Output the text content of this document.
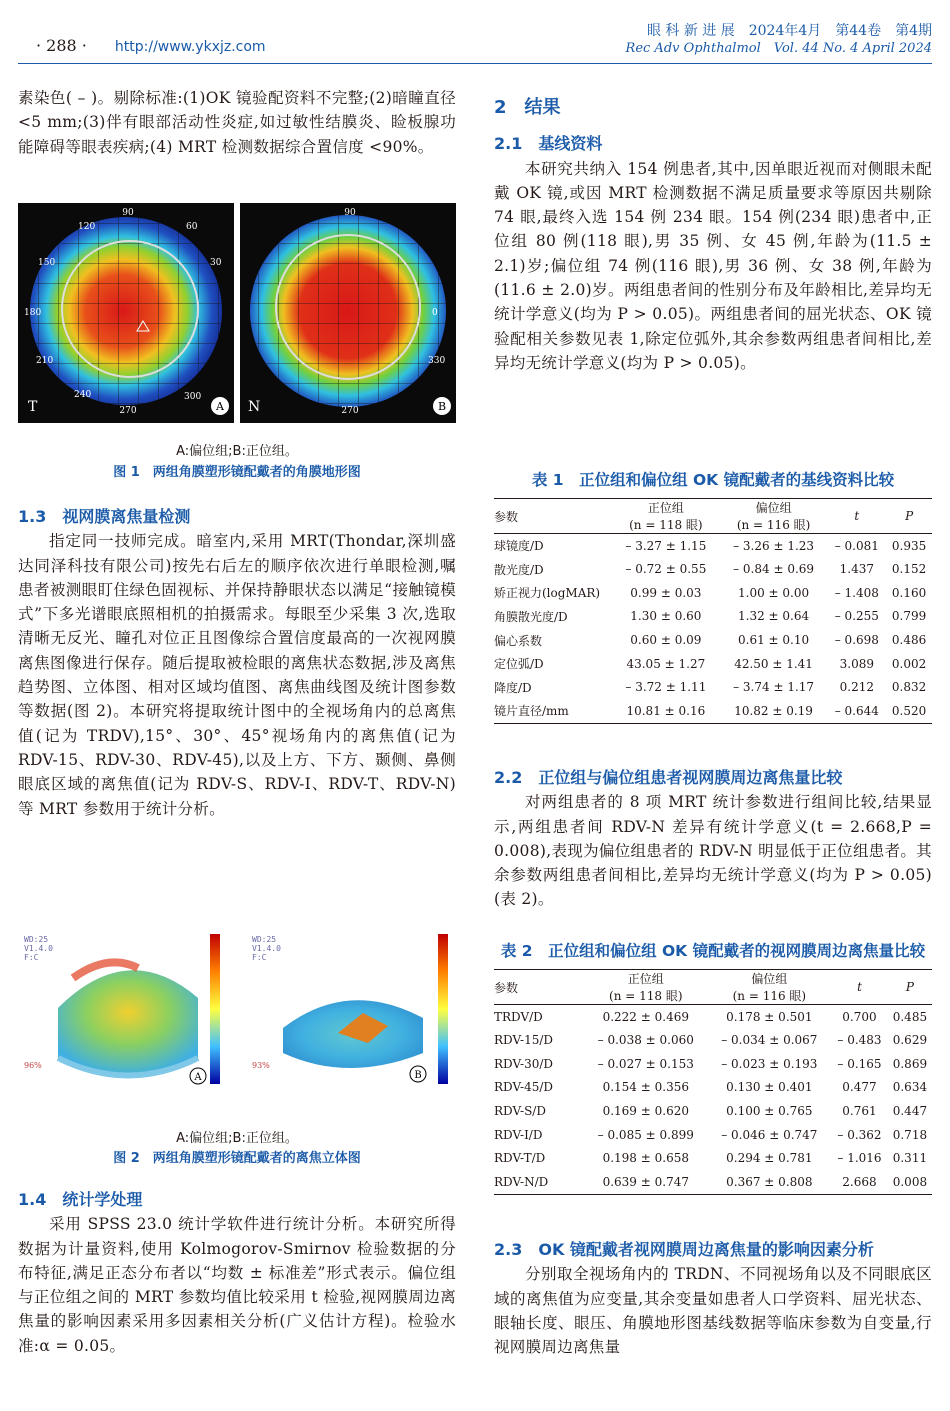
· 288 · http://www.ykxjz.com
眼 科 新 进 展　2024年4月　第44卷　第4期
Rec Adv Ophthalmol　Vol. 44 No. 4 April 2024

素染色( – )。剔除标准:(1)OK 镜验配资料不完整;(2)暗瞳直径 <5 mm;(3)伴有眼部活动性炎症,如过敏性结膜炎、睑板腺功能障碍等眼表疾病;(4) MRT 检测数据综合置信度 <90%。

90
60
30
120
150
180
210
240
270
300
90
0
330
270
T	N
A	B
A:偏位组;B:正位组。
图 1　两组角膜塑形镜配戴者的角膜地形图
1.3　视网膜离焦量检测

指定同一技师完成。暗室内,采用 MRT(Thondar,深圳盛达同泽科技有限公司)按先右后左的顺序依次进行单眼检测,嘱患者被测眼盯住绿色固视标、并保持静眼状态以满足“接触镜模式”下多光谱眼底照相机的拍摄需求。每眼至少采集 3 次,选取清晰无反光、瞳孔对位正且图像综合置信度最高的一次视网膜离焦图像进行保存。随后提取被检眼的离焦状态数据,涉及离焦趋势图、立体图、相对区域均值图、离焦曲线图及统计图参数等数据(图 2)。本研究将提取统计图中的全视场角内的总离焦值(记为 TRDV),15°、30°、45°视场角内的离焦值(记为 RDV-15、RDV-30、RDV-45),以及上方、下方、颞侧、鼻侧眼底区域的离焦值(记为 RDV-S、RDV-I、RDV-T、RDV-N)等 MRT 参数用于统计分析。

WD:25
V1.4.0
F:C
96%
A
WD:25
V1.4.0
F:C
93%
B
A:偏位组;B:正位组。
图 2　两组角膜塑形镜配戴者的离焦立体图
1.4　统计学处理

采用 SPSS 23.0 统计学软件进行统计分析。本研究所得数据为计量资料,使用 Kolmogorov-Smirnov 检验数据的分布特征,满足正态分布者以“均数 ± 标准差”形式表示。偏位组与正位组之间的 MRT 参数均值比较采用 t 检验,视网膜周边离焦量的影响因素采用多因素相关分析(广义估计方程)。检验水准:α = 0.05。

2　结果
2.1　基线资料

本研究共纳入 154 例患者,其中,因单眼近视而对侧眼未配戴 OK 镜,或因 MRT 检测数据不满足质量要求等原因共剔除 74 眼,最终入选 154 例 234 眼。154 例(234 眼)患者中,正位组 80 例(118 眼),男 35 例、女 45 例,年龄为(11.5 ± 2.1)岁;偏位组 74 例(116 眼),男 36 例、女 38 例,年龄为(11.6 ± 2.0)岁。两组患者间的性别分布及年龄相比,差异均无统计学意义(均为 P > 0.05)。两组患者间的屈光状态、OK 镜验配相关参数见表 1,除定位弧外,其余参数两组患者间相比,差异均无统计学意义(均为 P > 0.05)。

表 1　正位组和偏位组 OK 镜配戴者的基线资料比较
参数	正位组	偏位组	t	P
	(n = 118 眼)	(n = 116 眼)		
球镜度/D	– 3.27 ± 1.15	– 3.26 ± 1.23	– 0.081	0.935
散光度/D	– 0.72 ± 0.55	– 0.84 ± 0.69	1.437	0.152
矫正视力(logMAR)	0.99 ± 0.03	1.00 ± 0.00	– 1.408	0.160
角膜散光度/D	1.30 ± 0.60	1.32 ± 0.64	– 0.255	0.799
偏心系数	0.60 ± 0.09	0.61 ± 0.10	– 0.698	0.486
定位弧/D	43.05 ± 1.27	42.50 ± 1.41	3.089	0.002
降度/D	– 3.72 ± 1.11	– 3.74 ± 1.17	0.212	0.832
镜片直径/mm	10.81 ± 0.16	10.82 ± 0.19	– 0.644	0.520
2.2　正位组与偏位组患者视网膜周边离焦量比较

对两组患者的 8 项 MRT 统计参数进行组间比较,结果显示,两组患者间 RDV-N 差异有统计学意义(t = 2.668,P = 0.008),表现为偏位组患者的 RDV-N 明显低于正位组患者。其余参数两组患者间相比,差异均无统计学意义(均为 P > 0.05)(表 2)。

表 2　正位组和偏位组 OK 镜配戴者的视网膜周边离焦量比较
参数	正位组	偏位组	t	P
	(n = 118 眼)	(n = 116 眼)		
TRDV/D	0.222 ± 0.469	0.178 ± 0.501	0.700	0.485
RDV-15/D	– 0.038 ± 0.060	– 0.034 ± 0.067	– 0.483	0.629
RDV-30/D	– 0.027 ± 0.153	– 0.023 ± 0.193	– 0.165	0.869
RDV-45/D	0.154 ± 0.356	0.130 ± 0.401	0.477	0.634
RDV-S/D	0.169 ± 0.620	0.100 ± 0.765	0.761	0.447
RDV-I/D	– 0.085 ± 0.899	– 0.046 ± 0.747	– 0.362	0.718
RDV-T/D	0.198 ± 0.658	0.294 ± 0.781	– 1.016	0.311
RDV-N/D	0.639 ± 0.747	0.367 ± 0.808	2.668	0.008
2.3　OK 镜配戴者视网膜周边离焦量的影响因素分析

分别取全视场角内的 TRDN、不同视场角以及不同眼底区域的离焦值为应变量,其余变量如患者人口学资料、屈光状态、眼轴长度、眼压、角膜地形图基线数据等临床参数为自变量,行视网膜周边离焦量
